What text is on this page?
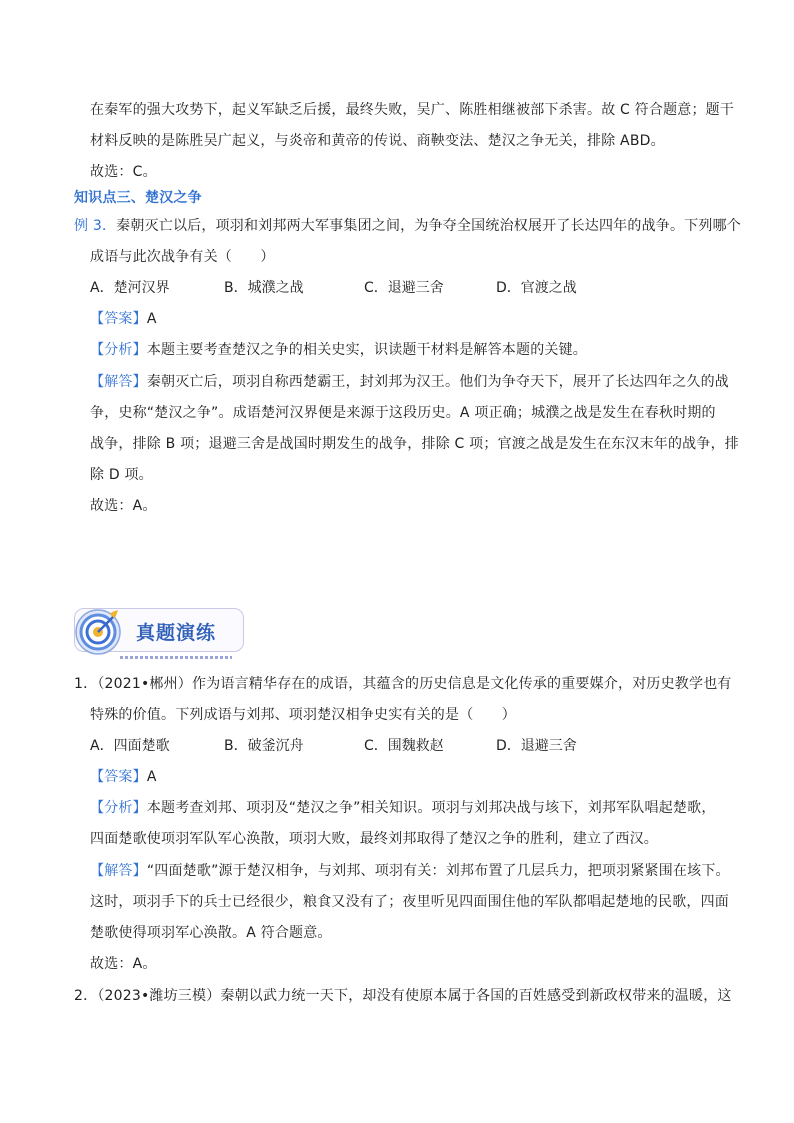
在秦军的强大攻势下，起义军缺乏后援，最终失败，吴广、陈胜相继被部下杀害。故 C 符合题意；题干
材料反映的是陈胜吴广起义，与炎帝和黄帝的传说、商鞅变法、楚汉之争无关，排除 ABD。
故选：C。
知识点三、楚汉之争
例 3．秦朝灭亡以后，项羽和刘邦两大军事集团之间，为争夺全国统治权展开了长达四年的战争。下列哪个
成语与此次战争有关（　　）
A．楚河汉界	B．城濮之战	C．退避三舍	D．官渡之战
【答案】A
【分析】本题主要考查楚汉之争的相关史实，识读题干材料是解答本题的关键。
【解答】秦朝灭亡后，项羽自称西楚霸王，封刘邦为汉王。他们为争夺天下，展开了长达四年之久的战
争，史称“楚汉之争”。成语楚河汉界便是来源于这段历史。A 项正确；城濮之战是发生在春秋时期的
战争，排除 B 项；退避三舍是战国时期发生的战争，排除 C 项；官渡之战是发生在东汉末年的战争，排
除 D 项。
故选：A。
真题演练
1．（2021•郴州）作为语言精华存在的成语，其蕴含的历史信息是文化传承的重要媒介，对历史教学也有
特殊的价值。下列成语与刘邦、项羽楚汉相争史实有关的是（　　）
A．四面楚歌	B．破釜沉舟	C．围魏救赵	D．退避三舍
【答案】A
【分析】本题考查刘邦、项羽及“楚汉之争”相关知识。项羽与刘邦决战与垓下，刘邦军队唱起楚歌，
四面楚歌使项羽军队军心涣散，项羽大败，最终刘邦取得了楚汉之争的胜利，建立了西汉。
【解答】“四面楚歌”源于楚汉相争，与刘邦、项羽有关：刘邦布置了几层兵力，把项羽紧紧围在垓下。
这时，项羽手下的兵士已经很少，粮食又没有了；夜里听见四面围住他的军队都唱起楚地的民歌，四面
楚歌使得项羽军心涣散。A 符合题意。
故选：A。
2．（2023•潍坊三模）秦朝以武力统一天下，却没有使原本属于各国的百姓感受到新政权带来的温暖，这
